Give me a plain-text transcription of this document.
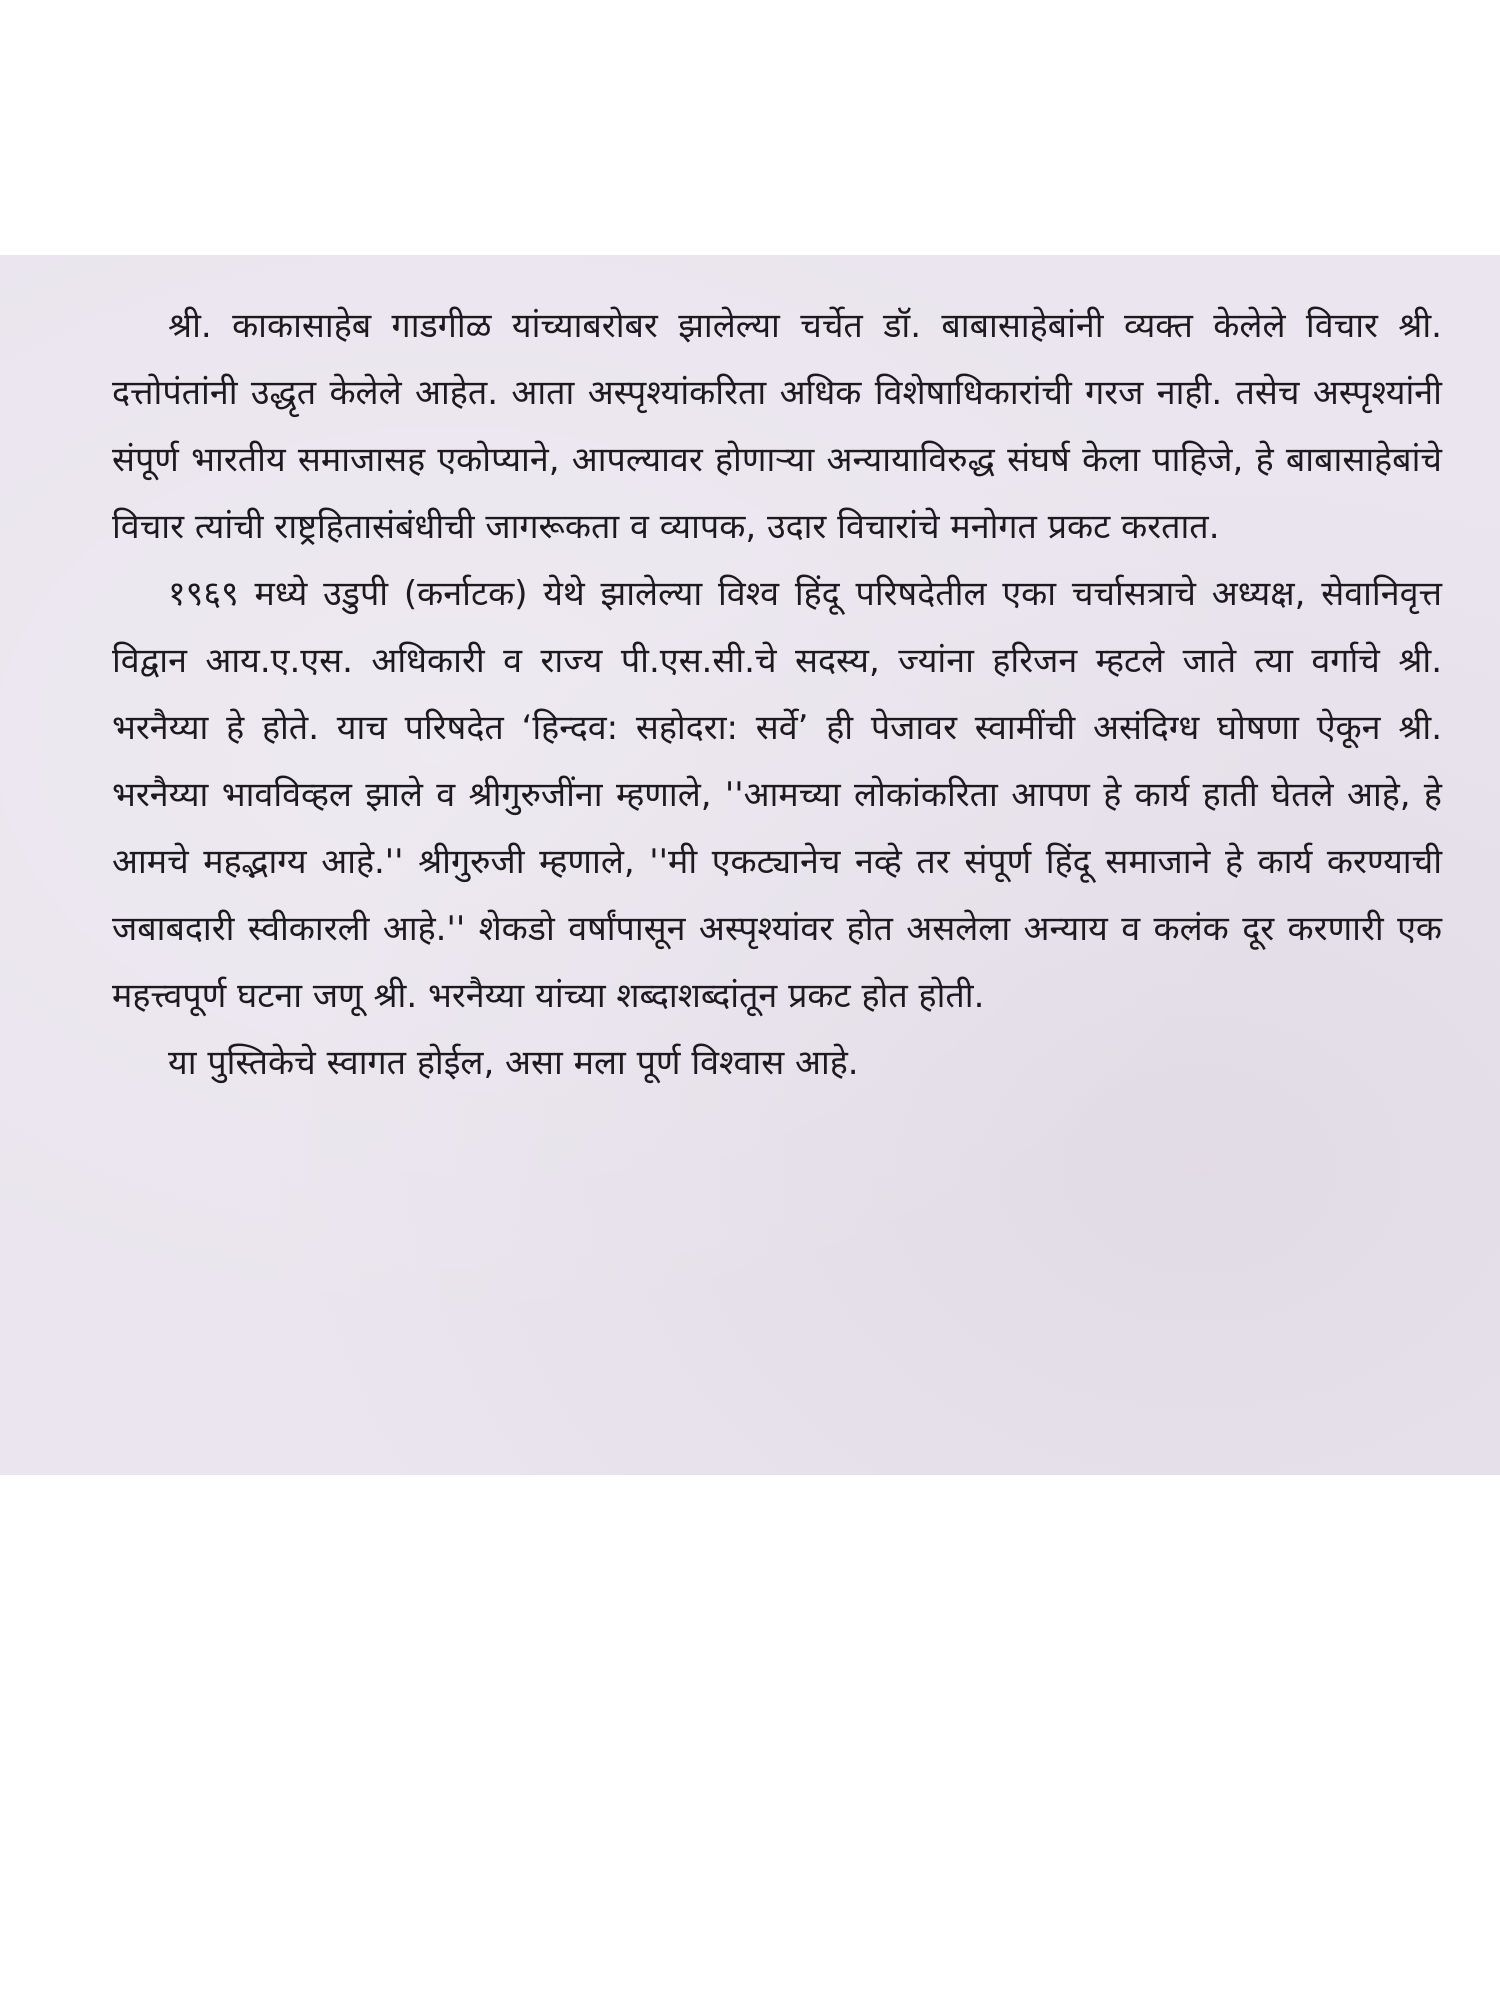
श्री. काकासाहेब गाडगीळ यांच्याबरोबर झालेल्या चर्चेत डॉ. बाबासाहेबांनी व्यक्त केलेले विचार श्री. दत्तोपंतांनी उद्धृत केलेले आहेत. आता अस्पृश्यांकरिता अधिक विशेषाधिकारांची गरज नाही. तसेच अस्पृश्यांनी संपूर्ण भारतीय समाजासह एकोप्याने, आपल्यावर होणाऱ्या अन्यायाविरुद्ध संघर्ष केला पाहिजे, हे बाबासाहेबांचे विचार त्यांची राष्ट्रहितासंबंधीची जागरूकता व व्यापक, उदार विचारांचे मनोगत प्रकट करतात.

१९६९ मध्ये उडुपी (कर्नाटक) येथे झालेल्या विश्व हिंदू परिषदेतील एका चर्चासत्राचे अध्यक्ष, सेवानिवृत्त विद्वान आय.ए.एस. अधिकारी व राज्य पी.एस.सी.चे सदस्य, ज्यांना हरिजन म्हटले जाते त्या वर्गाचे श्री. भरनैय्या हे होते. याच परिषदेत ‘हिन्दव: सहोदरा: सर्वे’ ही पेजावर स्वामींची असंदिग्ध घोषणा ऐकून श्री. भरनैय्या भावविव्हल झाले व श्रीगुरुजींना म्हणाले, ''आमच्या लोकांकरिता आपण हे कार्य हाती घेतले आहे, हे आमचे महद्भाग्य आहे.'' श्रीगुरुजी म्हणाले, ''मी एकट्यानेच नव्हे तर संपूर्ण हिंदू समाजाने हे कार्य करण्याची जबाबदारी स्वीकारली आहे.'' शेकडो वर्षांपासून अस्पृश्यांवर होत असलेला अन्याय व कलंक दूर करणारी एक महत्त्वपूर्ण घटना जणू श्री. भरनैय्या यांच्या शब्दाशब्दांतून प्रकट होत होती.

या पुस्तिकेचे स्वागत होईल, असा मला पूर्ण विश्वास आहे.
